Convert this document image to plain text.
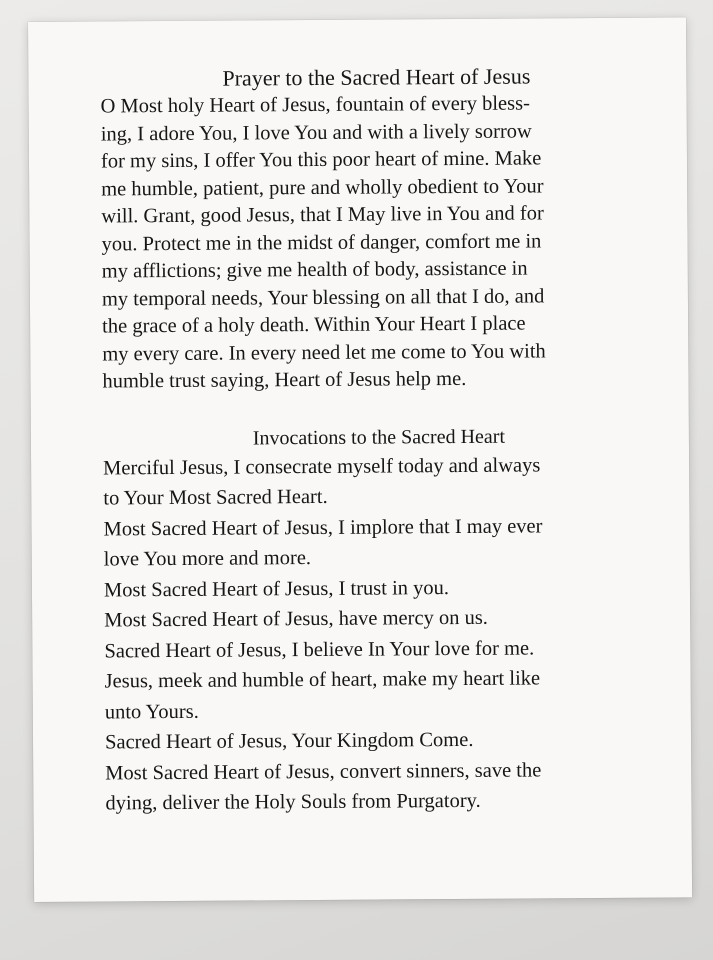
Prayer to the Sacred Heart of Jesus

O Most holy Heart of Jesus, fountain of every bless-

ing, I adore You, I love You and with a lively sorrow

for my sins, I offer You this poor heart of mine. Make

me humble, patient, pure and wholly obedient to Your

will. Grant, good Jesus, that I May live in You and for

you. Protect me in the midst of danger, comfort me in

my afflictions; give me health of body, assistance in

my temporal needs, Your blessing on all that I do, and

the grace of a holy death. Within Your Heart I place

my every care. In every need let me come to You with

humble trust saying, Heart of Jesus help me.

Invocations to the Sacred Heart

Merciful Jesus, I consecrate myself today and always

to Your Most Sacred Heart.

Most Sacred Heart of Jesus, I implore that I may ever

love You more and more.

Most Sacred Heart of Jesus, I trust in you.

Most Sacred Heart of Jesus, have mercy on us.

Sacred Heart of Jesus, I believe In Your love for me.

Jesus, meek and humble of heart, make my heart like

unto Yours.

Sacred Heart of Jesus, Your Kingdom Come.

Most Sacred Heart of Jesus, convert sinners, save the

dying, deliver the Holy Souls from Purgatory.
